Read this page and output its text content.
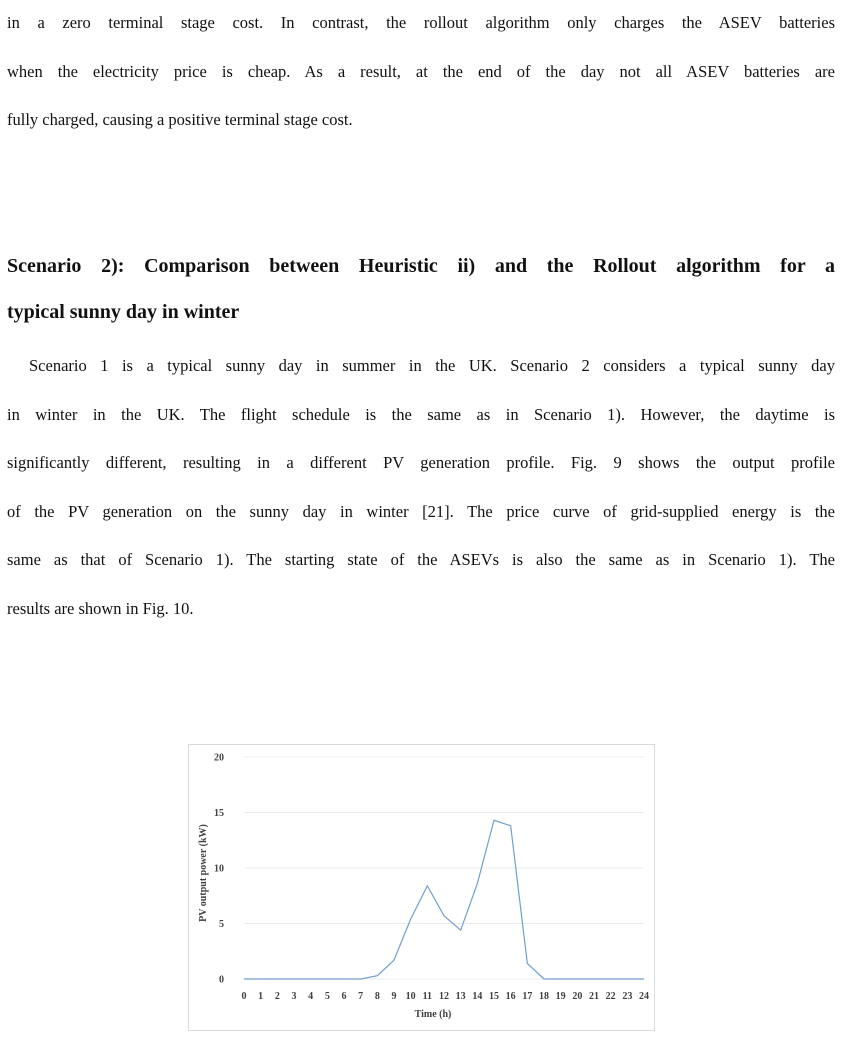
in a zero terminal stage cost. In contrast, the rollout algorithm only charges the ASEV batteries
when the electricity price is cheap. As a result, at the end of the day not all ASEV batteries are
fully charged, causing a positive terminal stage cost.
Scenario 2): Comparison between Heuristic ii) and the Rollout algorithm for a
typical sunny day in winter
Scenario 1 is a typical sunny day in summer in the UK. Scenario 2 considers a typical sunny day
in winter in the UK. The flight schedule is the same as in Scenario 1). However, the daytime is
significantly different, resulting in a different PV generation profile. Fig. 9 shows the output profile
of the PV generation on the sunny day in winter [21]. The price curve of grid-supplied energy is the
same as that of Scenario 1). The starting state of the ASEVs is also the same as in Scenario 1). The
results are shown in Fig. 10.
0
5
10
15
20
0 1 2 3 4 5 6 7 8 9 10 11 12 13 14 15 16 17 18 19 20 21 22 23 24
PV output power (kW)
Time (h)
